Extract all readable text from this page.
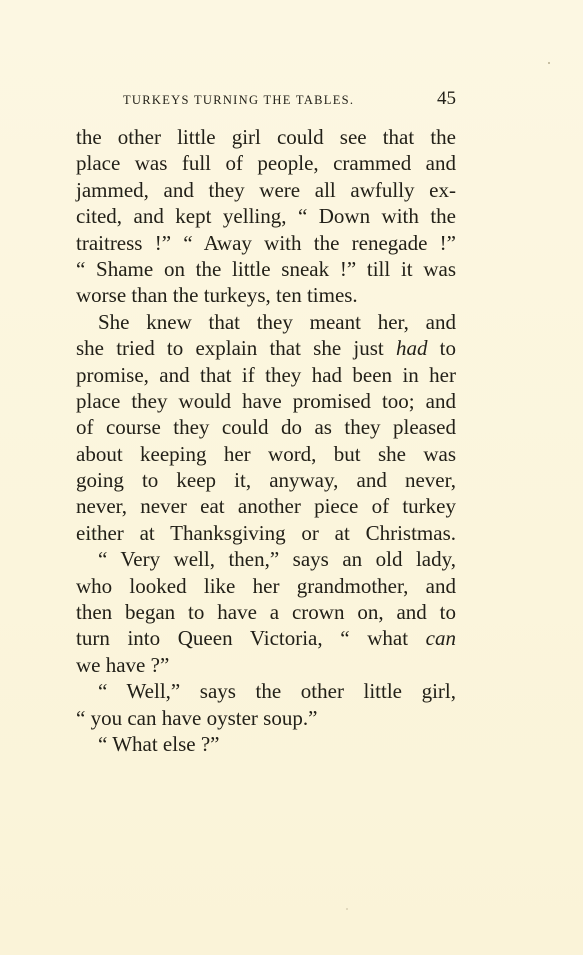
TURKEYS TURNING THE TABLES.	45
the other little girl could see that the
place was full of people, crammed and
jammed, and they were all awfully ex-
cited, and kept yelling, “ Down with the
traitress !” “ Away with the renegade !”
“ Shame on the little sneak !” till it was
worse than the turkeys, ten times.
She knew that they meant her, and
she tried to explain that she just had to
promise, and that if they had been in her
place they would have promised too; and
of course they could do as they pleased
about keeping her word, but she was
going to keep it, anyway, and never,
never, never eat another piece of turkey
either at Thanksgiving or at Christmas.
“ Very well, then,” says an old lady,
who looked like her grandmother, and
then began to have a crown on, and to
turn into Queen Victoria, “ what can
we have ?”
“ Well,” says the other little girl,
“ you can have oyster soup.”
“ What else ?”
